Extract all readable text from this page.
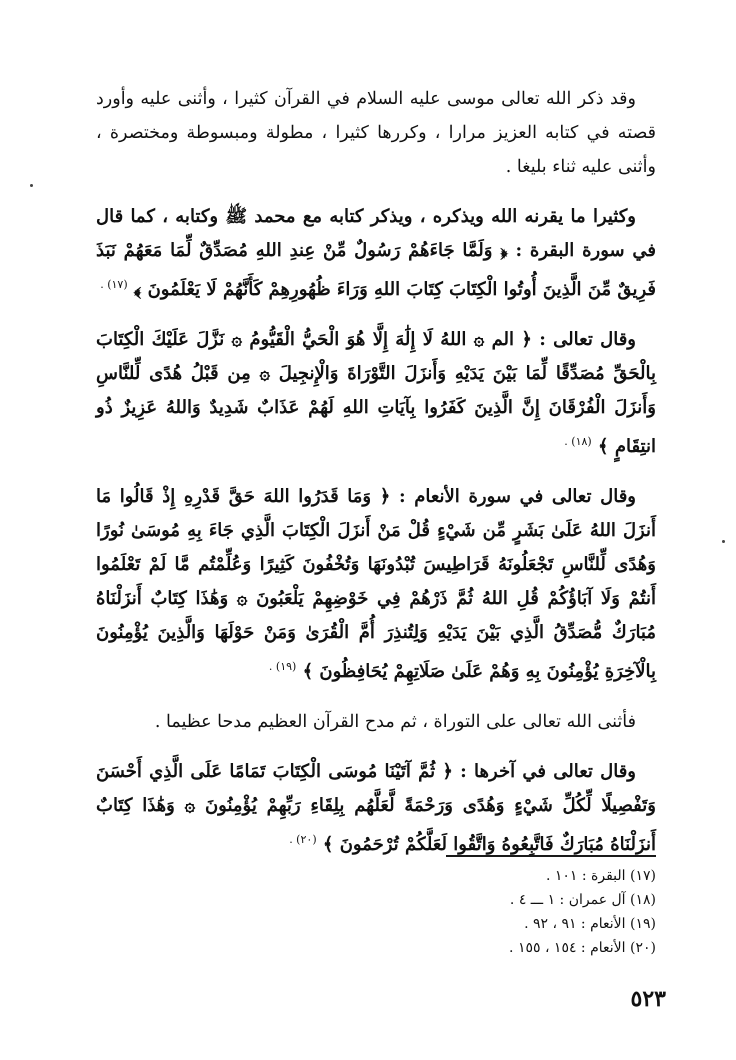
وقد ذكر الله تعالى موسى عليه السلام في القرآن كثيرا ، وأثنى عليه وأورد قصته في كتابه العزيز مرارا ، وكررها كثيرا ، مطولة ومبسوطة ومختصرة ، وأثنى عليه ثناء بليغا .

وكثيرا ما يقرنه الله ويذكره ، ويذكر كتابه مع محمد ﷺ وكتابه ، كما قال في سورة البقرة : ﴿ وَلَمَّا جَاءَهُمْ رَسُولٌ مِّنْ عِندِ اللهِ مُصَدِّقٌ لِّمَا مَعَهُمْ نَبَذَ فَرِيقٌ مِّنَ الَّذِينَ أُوتُوا الْكِتَابَ كِتَابَ اللهِ وَرَاءَ ظُهُورِهِمْ كَأَنَّهُمْ لَا يَعْلَمُونَ ﴾ $^{(١٧) .}$

وقال تعالى : ﴿ الم ۞ اللهُ لَا إِلَٰهَ إِلَّا هُوَ الْحَيُّ الْقَيُّومُ ۞ نَزَّلَ عَلَيْكَ الْكِتَابَ بِالْحَقِّ مُصَدِّقًا لِّمَا بَيْنَ يَدَيْهِ وَأَنزَلَ التَّوْرَاةَ وَالْإِنجِيلَ ۞ مِن قَبْلُ هُدًى لِّلنَّاسِ وَأَنزَلَ الْفُرْقَانَ إِنَّ الَّذِينَ كَفَرُوا بِآيَاتِ اللهِ لَهُمْ عَذَابٌ شَدِيدٌ وَاللهُ عَزِيزٌ ذُو انتِقَامٍ ﴾ $^{(١٨) .}$

وقال تعالى في سورة الأنعام : ﴿ وَمَا قَدَرُوا اللهَ حَقَّ قَدْرِهِ إِذْ قَالُوا مَا أَنزَلَ اللهُ عَلَىٰ بَشَرٍ مِّن شَيْءٍ قُلْ مَنْ أَنزَلَ الْكِتَابَ الَّذِي جَاءَ بِهِ مُوسَىٰ نُورًا وَهُدًى لِّلنَّاسِ تَجْعَلُونَهُ قَرَاطِيسَ تُبْدُونَهَا وَتُخْفُونَ كَثِيرًا وَعُلِّمْتُم مَّا لَمْ تَعْلَمُوا أَنتُمْ وَلَا آبَاؤُكُمْ قُلِ اللهُ ثُمَّ ذَرْهُمْ فِي خَوْضِهِمْ يَلْعَبُونَ ۞ وَهَٰذَا كِتَابٌ أَنزَلْنَاهُ مُبَارَكٌ مُّصَدِّقُ الَّذِي بَيْنَ يَدَيْهِ وَلِتُنذِرَ أُمَّ الْقُرَىٰ وَمَنْ حَوْلَهَا وَالَّذِينَ يُؤْمِنُونَ بِالْآخِرَةِ يُؤْمِنُونَ بِهِ وَهُمْ عَلَىٰ صَلَاتِهِمْ يُحَافِظُونَ ﴾ $^{(١٩) .}$

فأثنى الله تعالى على التوراة ، ثم مدح القرآن العظيم مدحا عظيما .

وقال تعالى في آخرها : ﴿ ثُمَّ آتَيْنَا مُوسَى الْكِتَابَ تَمَامًا عَلَى الَّذِي أَحْسَنَ وَتَفْصِيلًا لِّكُلِّ شَيْءٍ وَهُدًى وَرَحْمَةً لَّعَلَّهُم بِلِقَاءِ رَبِّهِمْ يُؤْمِنُونَ ۞ وَهَٰذَا كِتَابٌ أَنزَلْنَاهُ مُبَارَكٌ فَاتَّبِعُوهُ وَاتَّقُوا لَعَلَّكُمْ تُرْحَمُونَ ﴾ $^{(٢٠) .}$

(١٧) البقرة : ١٠١ .

(١٨) آل عمران : ١ ـــ ٤ .

(١٩) الأنعام : ٩١ ، ٩٢ .

(٢٠) الأنعام : ١٥٤ ، ١٥٥ .

٥٢٣
